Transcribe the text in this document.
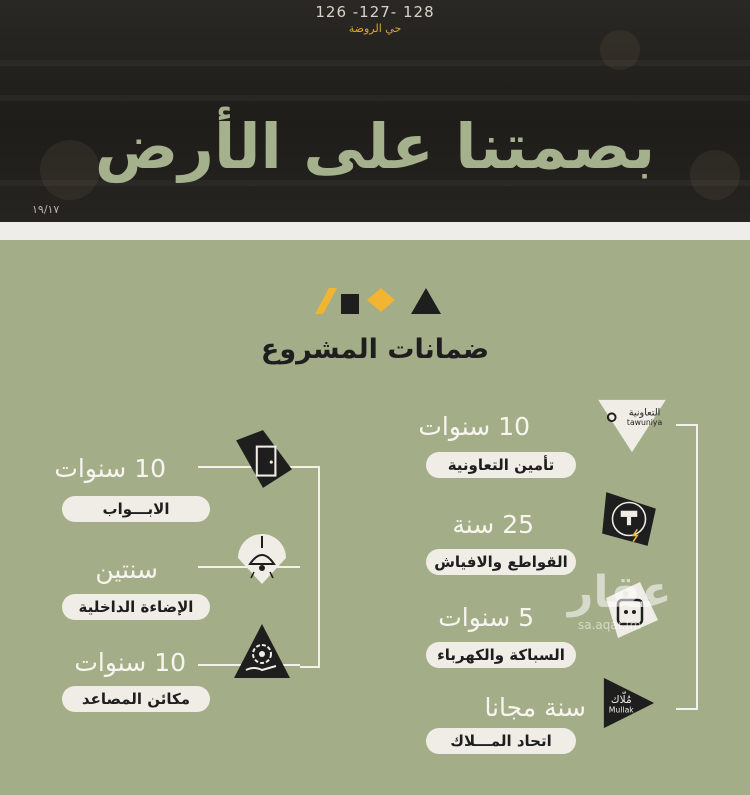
126 -127- 128
حي الروضة
بصمتنا على الأرض
١٩/١٧
ضمانات المشروع
10 سنوات
الابـــواب
سنتين
الإضاءة الداخلية
10 سنوات
مكائن المصاعد
التعاونية
tawuniya
10 سنوات
تأمين التعاونية
25 سنة
القواطع والافياش
5 سنوات
السباكة والكهرباء
مُلّاك
Mullak
سنة مجانا
اتحاد المـــلاك
عقار
sa.aqar.fm
